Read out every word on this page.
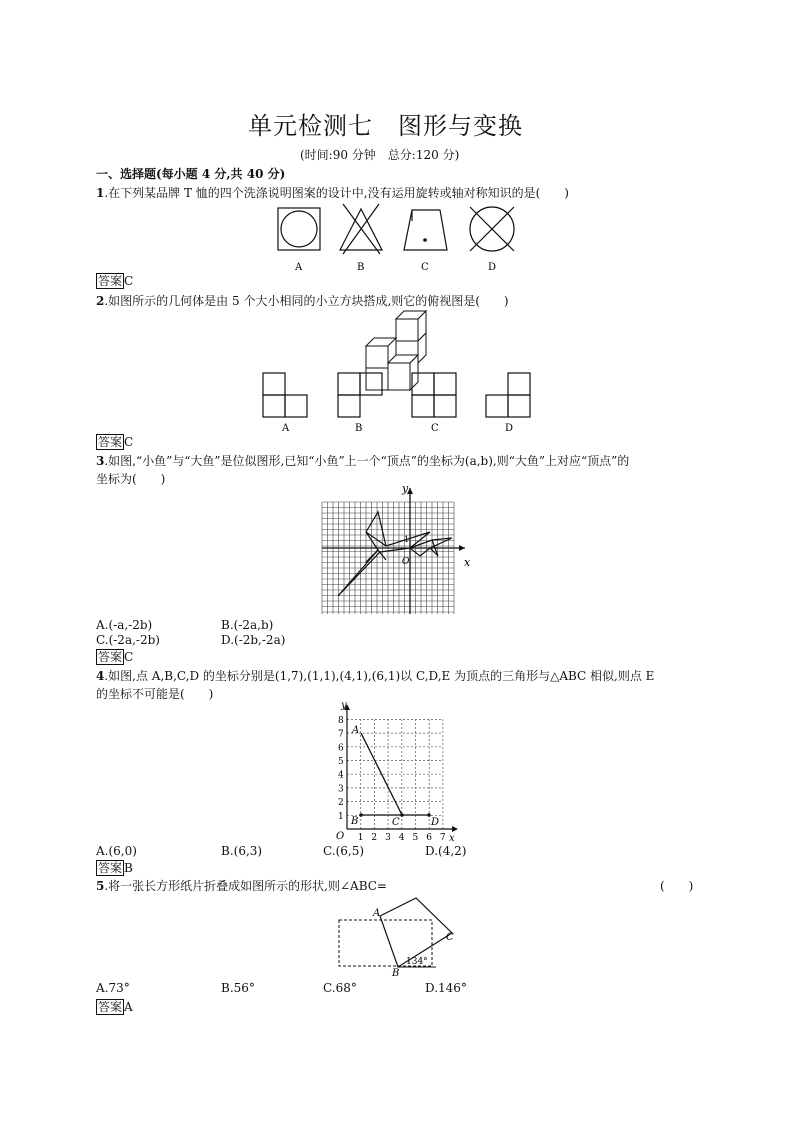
单元检测七　图形与变换
(时间:90 分钟　总分:120 分)
一、选择题(每小题 4 分,共 40 分)
1.在下列某品牌 T 恤的四个洗涤说明图案的设计中,没有运用旋转或轴对称知识的是(　　)
A	B	C	D
答案 C
2.如图所示的几何体是由 5 个大小相同的小立方块搭成,则它的俯视图是(　　)
A	B	C	D
答案 C
3.如图,“小鱼”与“大鱼”是位似图形,已知“小鱼”上一个“顶点”的坐标为(a,b),则“大鱼”上对应“顶点”的
坐标为(　　)
y
x
O
1
A.(-a,-2b)	B.(-2a,b)
C.(-2a,-2b)	D.(-2b,-2a)
答案 C
4.如图,点 A,B,C,D 的坐标分别是(1,7),(1,1),(4,1),(6,1)以 C,D,E 为顶点的三角形与△ABC 相似,则点 E
的坐标不可能是(　　)
1
2
3
4
5
6
7
8
1 2 3 4 5 6 7
y
x
O
A
B	C	D
A.(6,0)	B.(6,3)	C.(6,5)	D.(4,2)
答案 B
5.将一张长方形纸片折叠成如图所示的形状,则∠ABC=	(　　)
A
B
C
134°
A.73°	B.56°	C.68°	D.146°
答案 A
